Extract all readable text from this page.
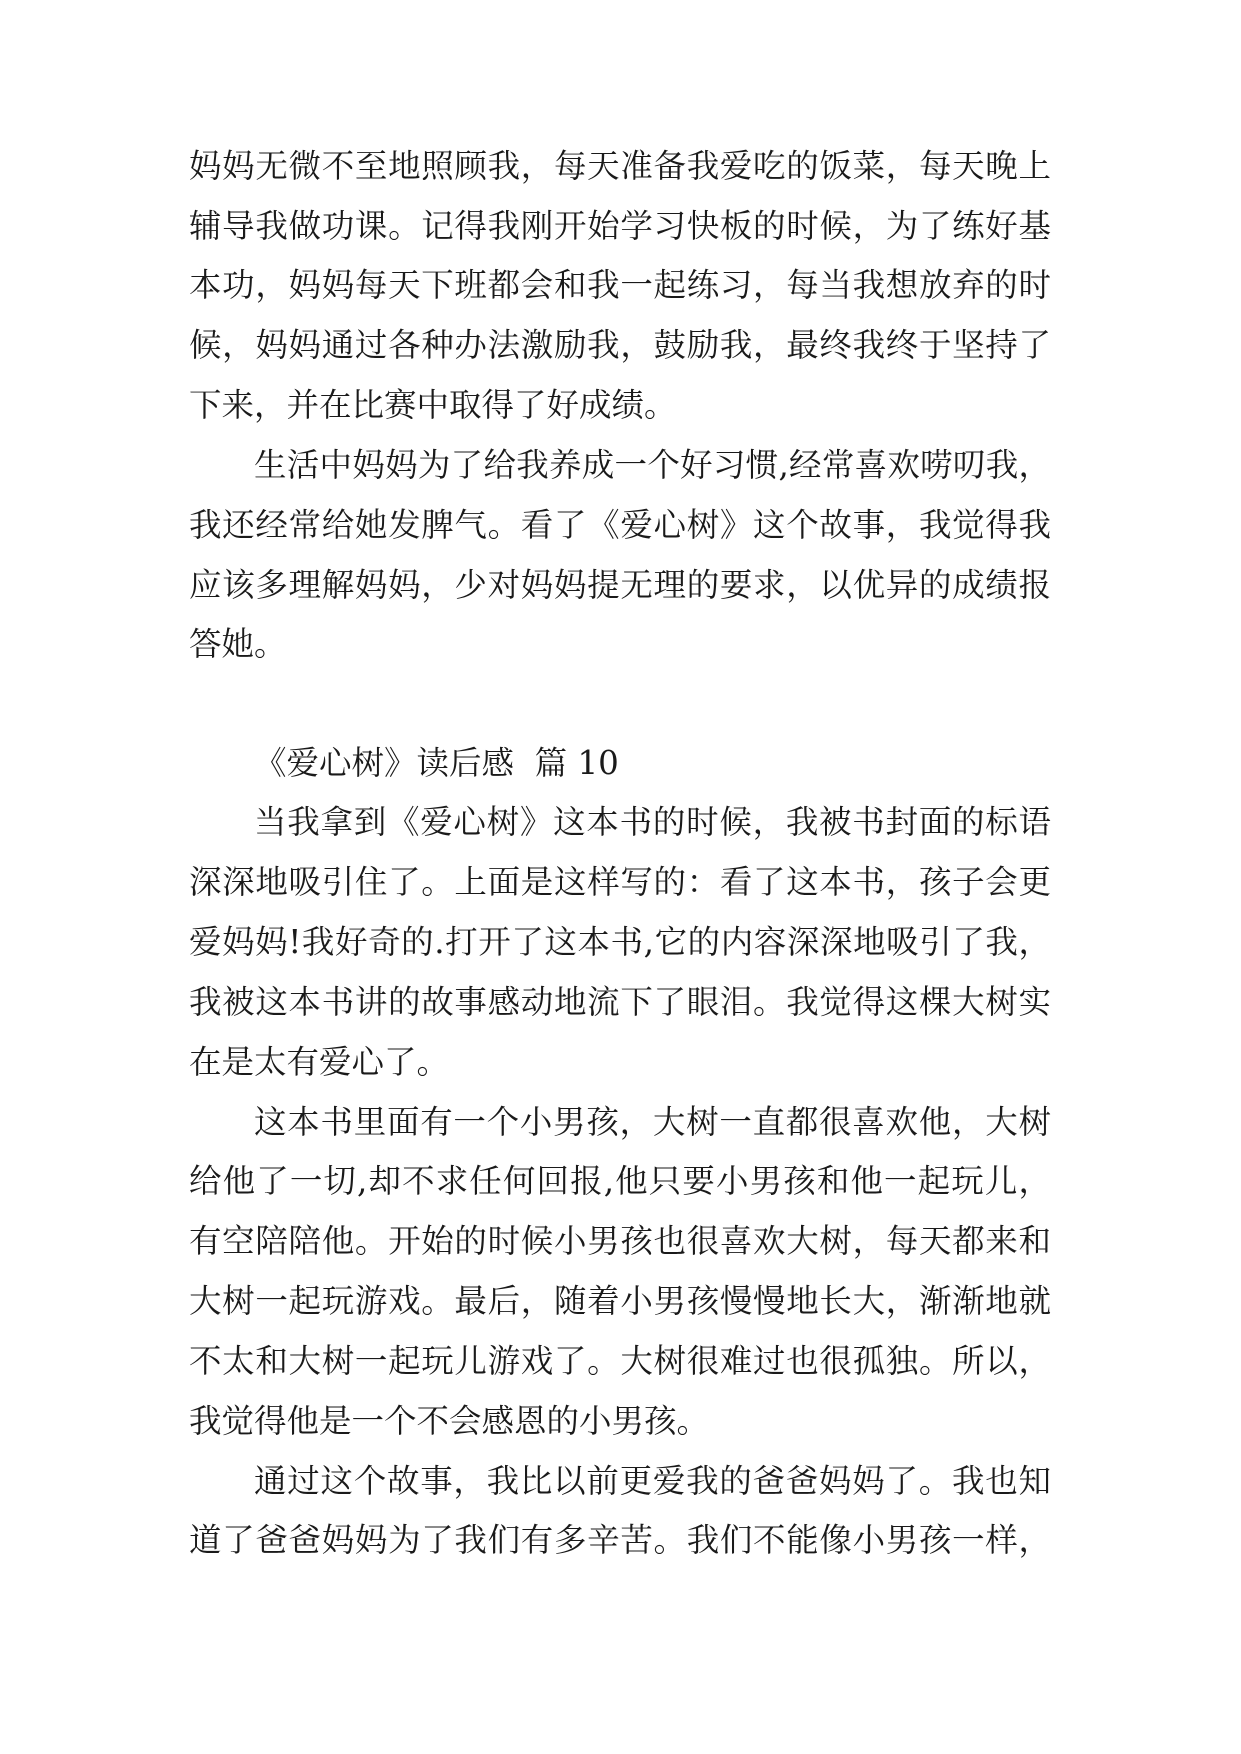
妈妈无微不至地照顾我，每天准备我爱吃的饭菜，每天晚上
辅导我做功课。记得我刚开始学习快板的时候，为了练好基
本功，妈妈每天下班都会和我一起练习，每当我想放弃的时
候，妈妈通过各种办法激励我，鼓励我，最终我终于坚持了
下来，并在比赛中取得了好成绩。
生活中妈妈为了给我养成一个好习惯,经常喜欢唠叨我，
我还经常给她发脾气。看了《爱心树》这个故事，我觉得我
应该多理解妈妈，少对妈妈提无理的要求，以优异的成绩报
答她。
《爱心树》读后感  篇 10
当我拿到《爱心树》这本书的时候，我被书封面的标语
深深地吸引住了。上面是这样写的：看了这本书，孩子会更
爱妈妈!我好奇的.打开了这本书,它的内容深深地吸引了我，
我被这本书讲的故事感动地流下了眼泪。我觉得这棵大树实
在是太有爱心了。
这本书里面有一个小男孩，大树一直都很喜欢他，大树
给他了一切,却不求任何回报,他只要小男孩和他一起玩儿，
有空陪陪他。开始的时候小男孩也很喜欢大树，每天都来和
大树一起玩游戏。最后，随着小男孩慢慢地长大，渐渐地就
不太和大树一起玩儿游戏了。大树很难过也很孤独。所以，
我觉得他是一个不会感恩的小男孩。
通过这个故事，我比以前更爱我的爸爸妈妈了。我也知
道了爸爸妈妈为了我们有多辛苦。我们不能像小男孩一样，
